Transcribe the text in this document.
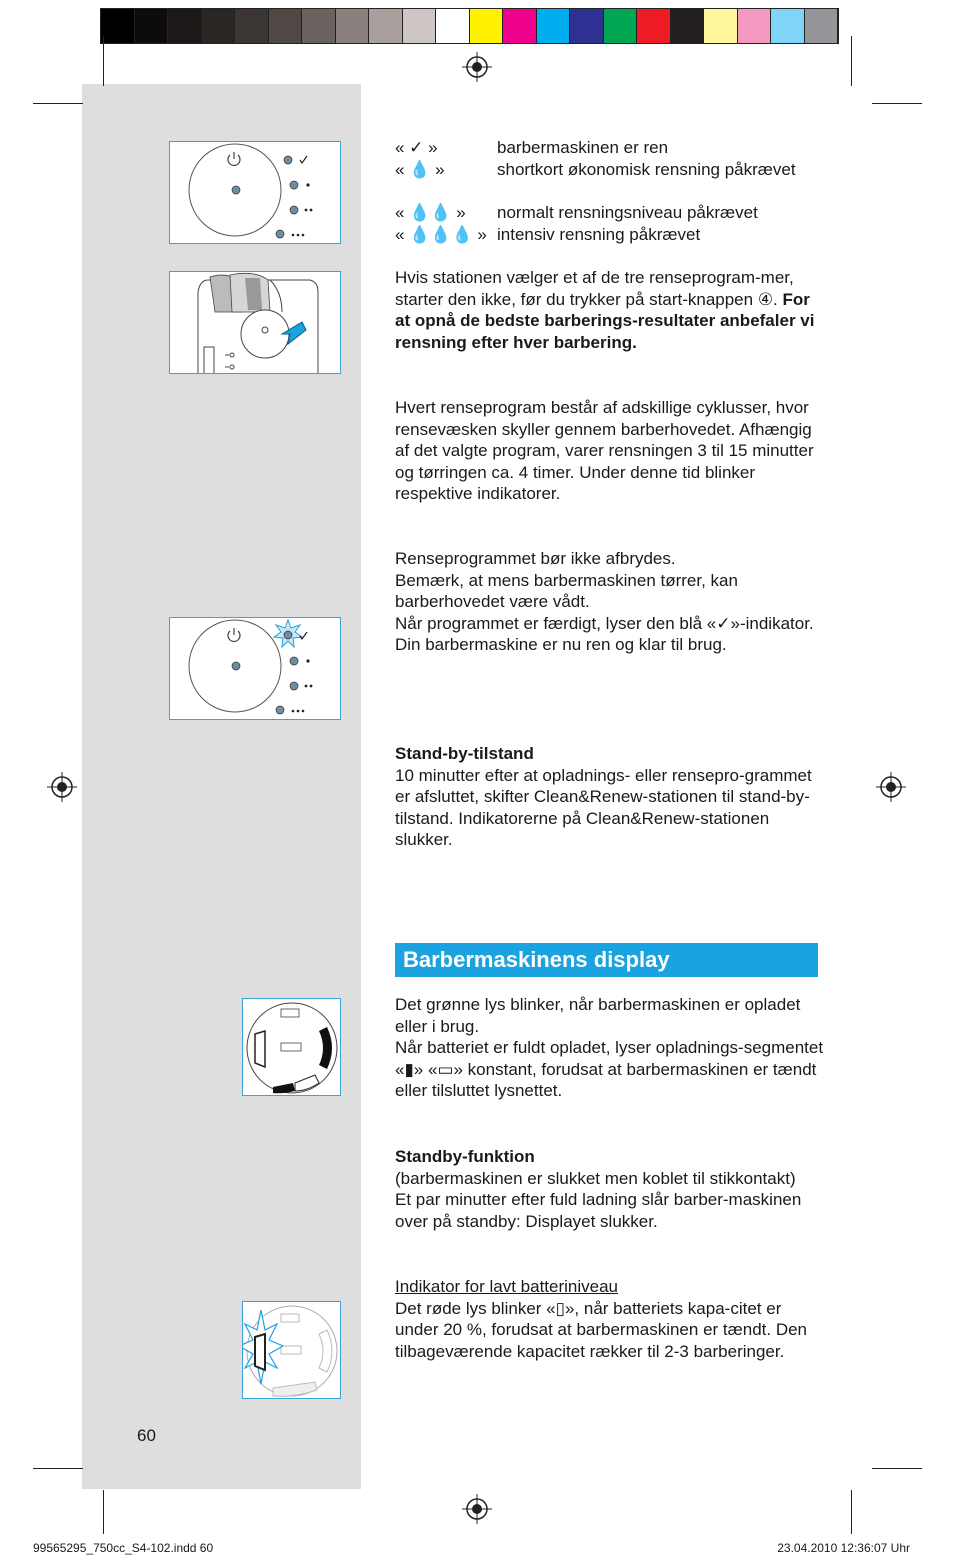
« ✓ »	barbermaskinen er ren
« 💧 »	shortkort økonomisk rensning påkrævet
« 💧💧 »	normalt rensningsniveau påkrævet
« 💧💧💧 » intensiv rensning påkrævet
Hvis stationen vælger et af de tre renseprogram-mer, starter den ikke, før du trykker på start-knappen ④. For at opnå de bedste barberings-resultater anbefaler vi rensning efter hver barbering.

Hvert renseprogram består af adskillige cyklusser, hvor rensevæsken skyller gennem barberhovedet. Afhængig af det valgte program, varer rensningen 3 til 15 minutter og tørringen ca. 4 timer. Under denne tid blinker respektive indikatorer.

Renseprogrammet bør ikke afbrydes.

Bemærk, at mens barbermaskinen tørrer, kan barberhovedet være vådt.

Når programmet er færdigt, lyser den blå «✓»-indikator. Din barbermaskine er nu ren og klar til brug.

Stand-by-tilstand

10 minutter efter at opladnings- eller rensepro-grammet er afsluttet, skifter Clean&Renew-stationen til stand-by-tilstand. Indikatorerne på Clean&Renew-stationen slukker.

Barbermaskinens display

Det grønne lys blinker, når barbermaskinen er opladet eller i brug.

Når batteriet er fuldt opladet, lyser opladnings-segmentet «▮» «▭» konstant, forudsat at barbermaskinen er tændt eller tilsluttet lysnettet.

Standby-funktion

(barbermaskinen er slukket men koblet til stikkontakt)

Et par minutter efter fuld ladning slår barber-maskinen over på standby: Displayet slukker.

Indikator for lavt batteriniveau

Det røde lys blinker «▯», når batteriets kapa-citet er under 20 %, forudsat at barbermaskinen er tændt. Den tilbageværende kapacitet rækker til 2-3 barberinger.

60
99565295_750cc_S4-102.indd 60	23.04.2010 12:36:07 Uhr
